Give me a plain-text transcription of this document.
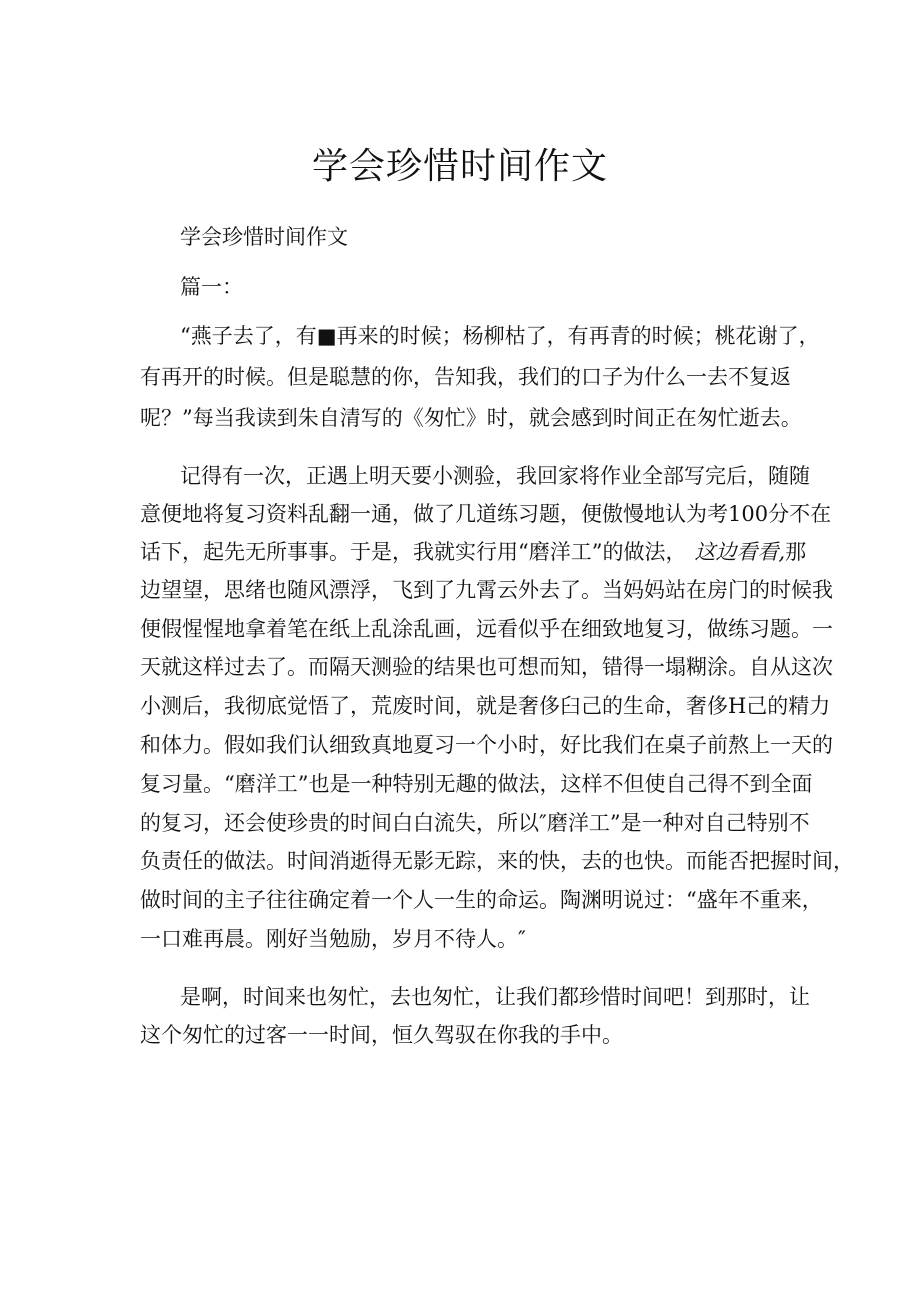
学会珍惜时间作文
学会珍惜时间作文
篇一：
“燕子去了，有■再来的时候；杨柳枯了，有再青的时候；桃花谢了，
有再开的时候。但是聪慧的你，告知我，我们的口子为什么一去不复返
呢？”每当我读到朱自清写的《匆忙》时，就会感到时间正在匆忙逝去。
记得有一次，正遇上明天要小测验，我回家将作业全部写完后，随随
意便地将复习资料乱翻一通，做了几道练习题，便傲慢地认为考100分不在
话下，起先无所事事。于是，我就实行用“磨洋工”的做法， 这边看看, 那
边望望，思绪也随风漂浮，飞到了九霄云外去了。当妈妈站在房门的时候我
便假惺惺地拿着笔在纸上乱涂乱画，远看似乎在细致地复习，做练习题。一
天就这样过去了。而隔天测验的结果也可想而知，错得一塌糊涂。自从这次
小测后，我彻底觉悟了，荒废时间，就是奢侈臼己的生命，奢侈H己的精力
和体力。假如我们认细致真地夏习一个小时，好比我们在桌子前熬上一天的
复习量。“磨洋工”也是一种特别无趣的做法，这样不但使自己得不到全面
的复习，还会使珍贵的时间白白流失，所以″磨洋工”是一种对自己特别不
负责任的做法。时间消逝得无影无踪，来的快，去的也快。而能否把握时间，
做时间的主子往往确定着一个人一生的命运。陶渊明说过：“盛年不重来，
一口难再晨。刚好当勉励，岁月不待人。″
是啊，时间来也匆忙，去也匆忙，让我们都珍惜时间吧！到那时，让
这个匆忙的过客一一时间，恒久驾驭在你我的手中。
